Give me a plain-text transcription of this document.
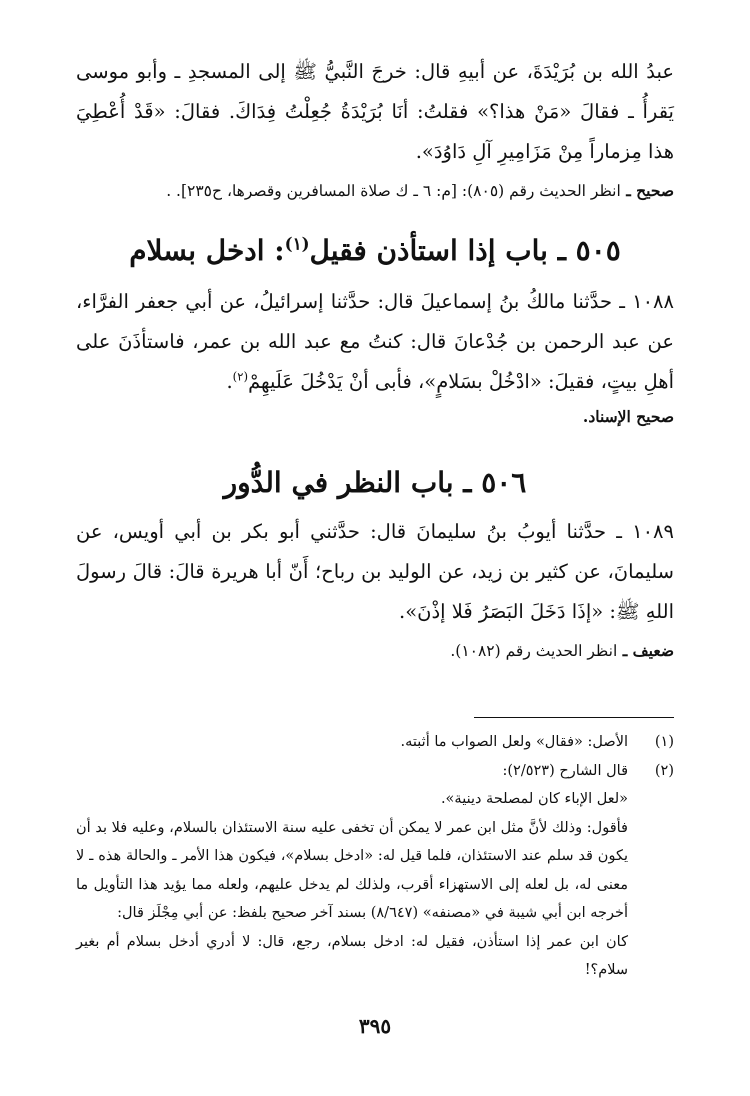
عبدُ الله بن بُرَيْدَةَ، عن أبيهِ قال: خرجَ النَّبيُّ ﷺ إلى المسجدِ ـ وأبو موسى يَقرأُ ـ فقالَ «مَنْ هذا؟» فقلتُ: أنَا بُرَيْدَةُ جُعِلْتُ فِدَاكَ. فقالَ: «قَدْ أُعْطِيَ هذا مِزماراً مِنْ مَزَامِيرِ آلِ دَاوُدَ».

صحيح ـ انظر الحديث رقم (٨٠٥): [م: ٦ ـ ك صلاة المسافرين وقصرها، ح٢٣٥]. .

٥٠٥ ـ باب إذا استأذن فقيل$^{(١)}$: ادخل بسلام

١٠٨٨ ـ حدَّثنا مالكُ بنُ إسماعيلَ قال: حدَّثنا إسرائيلُ، عن أبي جعفر الفرَّاء، عن عبد الرحمن بن جُدْعانَ قال: كنتُ مع عبد الله بن عمر، فاستأذَنَ على أهلِ بيتٍ، فقيلَ: «ادْخُلْ بسَلامٍ»، فأبى أنْ يَدْخُلَ عَلَيهِمْ$^{(٢)}$.

صحيح الإسناد.

٥٠٦ ـ باب النظر في الدُّور

١٠٨٩ ـ حدَّثنا أيوبُ بنُ سليمانَ قال: حدَّثني أبو بكر بن أبي أويس، عن سليمانَ، عن كثير بن زيد، عن الوليد بن رباح؛ أَنّ أبا هريرة قالَ: قالَ رسولَ اللهِ ﷺ: «إذَا دَخَلَ البَصَرُ فَلا إذْنَ».

ضعيف ـ انظر الحديث رقم (١٠٨٢).

(١)
الأصل: «فقال» ولعل الصواب ما أثبته.
(٢)
قال الشارح (٢/٥٢٣):
«لعل الإباء كان لمصلحة دينية».
فأقول: وذلك لأنَّ مثل ابن عمر لا يمكن أن تخفى عليه سنة الاستئذان بالسلام، وعليه فلا بد أن يكون قد سلم عند الاستئذان، فلما قيل له: «ادخل بسلام»، فيكون هذا الأمر ـ والحالة هذه ـ لا معنى له، بل لعله إلى الاستهزاء أقرب، ولذلك لم يدخل عليهم، ولعله مما يؤيد هذا التأويل ما أخرجه ابن أبي شيبة في «مصنفه» (٨/٦٤٧) بسند آخر صحيح بلفظ: عن أبي مِجْلَز قال:
كان ابن عمر إذا استأذن، فقيل له: ادخل بسلام، رجع، قال: لا أدري أدخل بسلام أم بغير سلام؟!
٣٩٥
